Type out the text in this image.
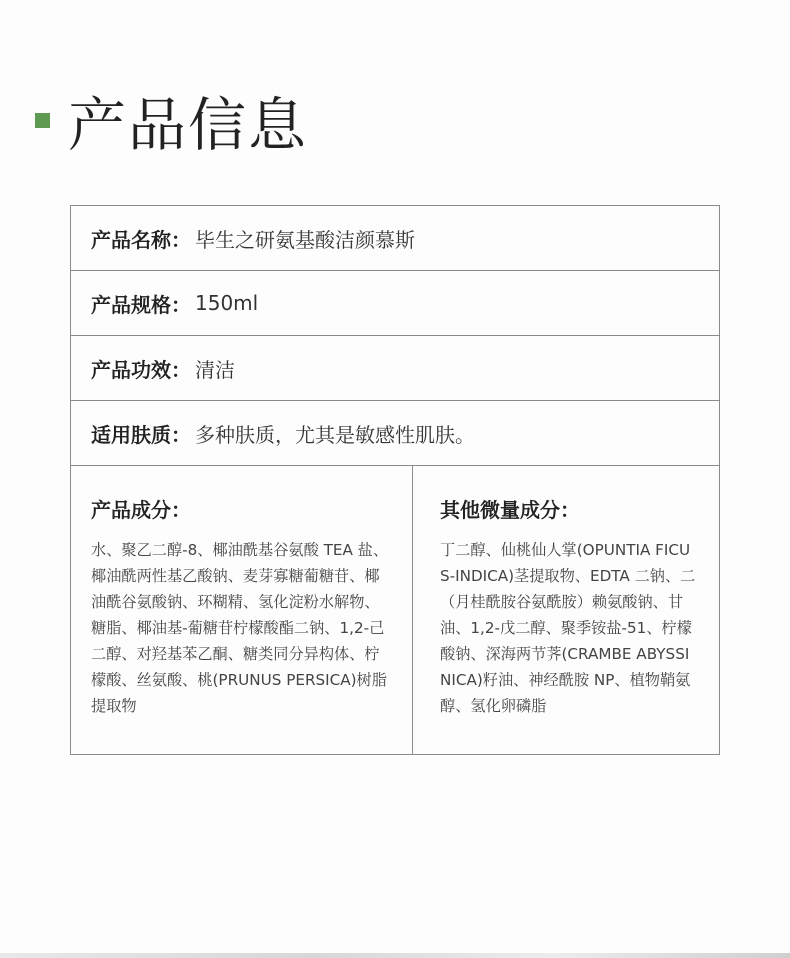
产品信息
产品名称： 毕生之研氨基酸洁颜慕斯
产品规格： 150ml
产品功效： 清洁
适用肤质： 多种肤质，尤其是敏感性肌肤。
产品成分：
水、聚乙二醇-8、椰油酰基谷氨酸 TEA 盐、椰油酰两性基乙酸钠、麦芽寡糖葡糖苷、椰油酰谷氨酸钠、环糊精、氢化淀粉水解物、糖脂、椰油基-葡糖苷柠檬酸酯二钠、1,2-己二醇、对羟基苯乙酮、糖类同分异构体、柠檬酸、丝氨酸、桃(PRUNUS PERSICA)树脂提取物
其他微量成分：
丁二醇、仙桃仙人掌(OPUNTIA FICUS-INDICA)茎提取物、EDTA 二钠、二（月桂酰胺谷氨酰胺）赖氨酸钠、甘油、1,2-戊二醇、聚季铵盐-51、柠檬酸钠、深海两节荠(CRAMBE ABYSSINICA)籽油、神经酰胺 NP、植物鞘氨醇、氢化卵磷脂
